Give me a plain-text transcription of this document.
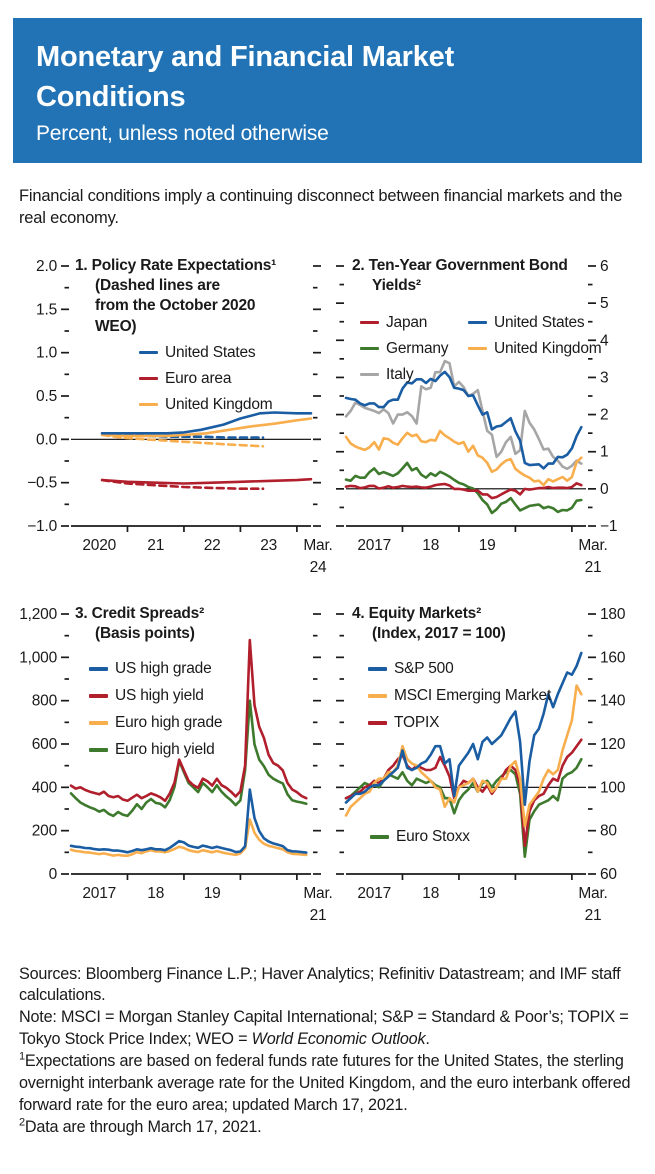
Monetary and Financial Market Conditions
Percent, unless noted otherwise

Financial conditions imply a continuing disconnect between financial markets and the real economy.

−1.0
−0.5
0.0
0.5
1.0
1.5
2.0
2020 21	22	23 Mar.
24
1. Policy Rate Expectations¹
(Dashed lines are
from the October 2020
WEO)
United States
Euro area
United Kingdom
−1
0
1
2
3
4
5
6
2017 18	19	Mar.
21
2. Ten-Year Government Bond
Yields²
Japan
Germany
Italy
United States
United Kingdom
0
200
400
600
800
1,000
1,200
2017 18	19	Mar.
21
3. Credit Spreads²
(Basis points)
US high grade
US high yield
Euro high grade
Euro high yield
60
80
100
120
140
160
180
2017 18	19	Mar.
21
4. Equity Markets²
(Index, 2017 = 100)
S&P 500
MSCI Emerging Market
TOPIX
Euro Stoxx

Sources: Bloomberg Finance L.P.; Haver Analytics; Refinitiv Datastream; and IMF staff calculations.

Note: MSCI = Morgan Stanley Capital International; S&P = Standard & Poor’s; TOPIX = Tokyo Stock Price Index; WEO = World Economic Outlook.

$^1$Expectations are based on federal funds rate futures for the United States, the sterling overnight interbank average rate for the United Kingdom, and the euro interbank offered forward rate for the euro area; updated March 17, 2021.

$^2$Data are through March 17, 2021.
